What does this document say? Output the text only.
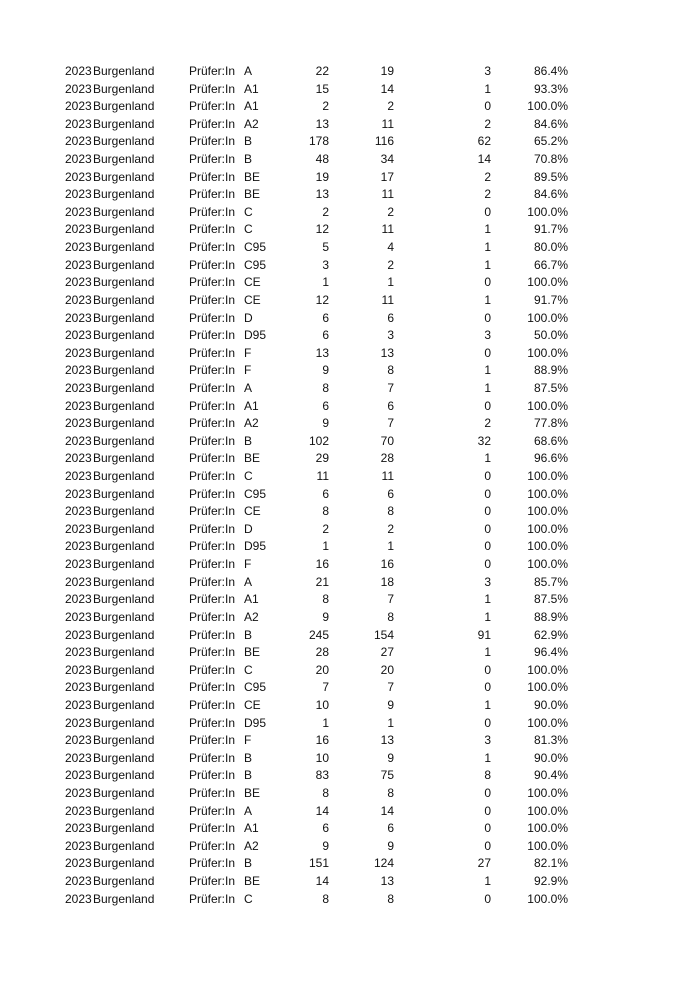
2023 Burgenland	Prüfer:In A	22	19	3	86.4%
2023 Burgenland	Prüfer:In A1	15	14	1	93.3%
2023 Burgenland	Prüfer:In A1	2	2	0	100.0%
2023 Burgenland	Prüfer:In A2	13	11	2	84.6%
2023 Burgenland	Prüfer:In B	178	116	62	65.2%
2023 Burgenland	Prüfer:In B	48	34	14	70.8%
2023 Burgenland	Prüfer:In BE	19	17	2	89.5%
2023 Burgenland	Prüfer:In BE	13	11	2	84.6%
2023 Burgenland	Prüfer:In C	2	2	0	100.0%
2023 Burgenland	Prüfer:In C	12	11	1	91.7%
2023 Burgenland	Prüfer:In C95	5	4	1	80.0%
2023 Burgenland	Prüfer:In C95	3	2	1	66.7%
2023 Burgenland	Prüfer:In CE	1	1	0	100.0%
2023 Burgenland	Prüfer:In CE	12	11	1	91.7%
2023 Burgenland	Prüfer:In D	6	6	0	100.0%
2023 Burgenland	Prüfer:In D95	6	3	3	50.0%
2023 Burgenland	Prüfer:In F	13	13	0	100.0%
2023 Burgenland	Prüfer:In F	9	8	1	88.9%
2023 Burgenland	Prüfer:In A	8	7	1	87.5%
2023 Burgenland	Prüfer:In A1	6	6	0	100.0%
2023 Burgenland	Prüfer:In A2	9	7	2	77.8%
2023 Burgenland	Prüfer:In B	102	70	32	68.6%
2023 Burgenland	Prüfer:In BE	29	28	1	96.6%
2023 Burgenland	Prüfer:In C	11	11	0	100.0%
2023 Burgenland	Prüfer:In C95	6	6	0	100.0%
2023 Burgenland	Prüfer:In CE	8	8	0	100.0%
2023 Burgenland	Prüfer:In D	2	2	0	100.0%
2023 Burgenland	Prüfer:In D95	1	1	0	100.0%
2023 Burgenland	Prüfer:In F	16	16	0	100.0%
2023 Burgenland	Prüfer:In A	21	18	3	85.7%
2023 Burgenland	Prüfer:In A1	8	7	1	87.5%
2023 Burgenland	Prüfer:In A2	9	8	1	88.9%
2023 Burgenland	Prüfer:In B	245	154	91	62.9%
2023 Burgenland	Prüfer:In BE	28	27	1	96.4%
2023 Burgenland	Prüfer:In C	20	20	0	100.0%
2023 Burgenland	Prüfer:In C95	7	7	0	100.0%
2023 Burgenland	Prüfer:In CE	10	9	1	90.0%
2023 Burgenland	Prüfer:In D95	1	1	0	100.0%
2023 Burgenland	Prüfer:In F	16	13	3	81.3%
2023 Burgenland	Prüfer:In B	10	9	1	90.0%
2023 Burgenland	Prüfer:In B	83	75	8	90.4%
2023 Burgenland	Prüfer:In BE	8	8	0	100.0%
2023 Burgenland	Prüfer:In A	14	14	0	100.0%
2023 Burgenland	Prüfer:In A1	6	6	0	100.0%
2023 Burgenland	Prüfer:In A2	9	9	0	100.0%
2023 Burgenland	Prüfer:In B	151	124	27	82.1%
2023 Burgenland	Prüfer:In BE	14	13	1	92.9%
2023 Burgenland	Prüfer:In C	8	8	0	100.0%
